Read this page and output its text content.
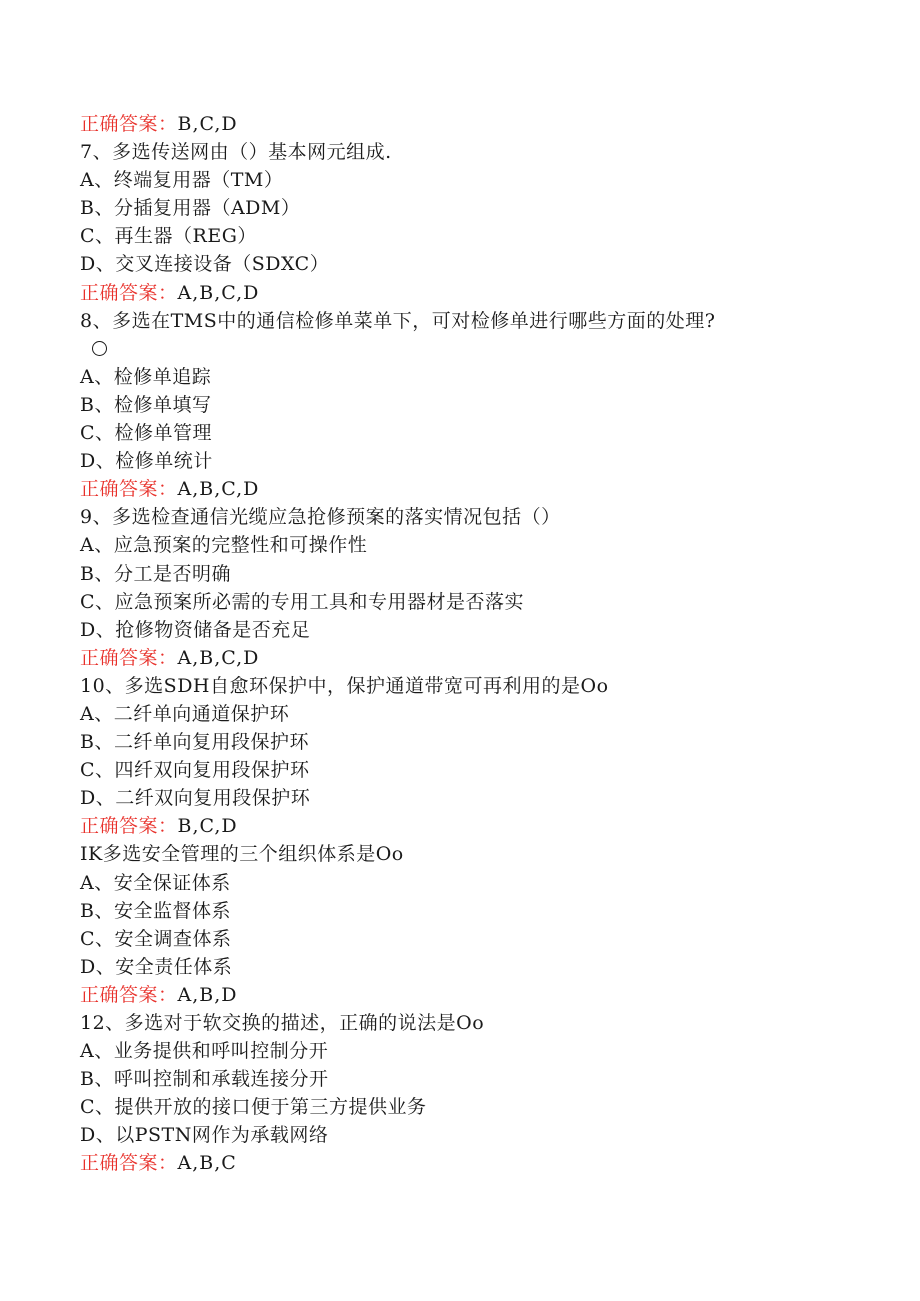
正确答案：B,C,D
7、多选传送网由（）基本网元组成.
A、终端复用器（TM）
B、分插复用器（ADM）
C、再生器（REG）
D、交叉连接设备（SDXC）
正确答案：A,B,C,D
8、多选在TMS中的通信检修单菜单下，可对检修单进行哪些方面的处理?
A、检修单追踪
B、检修单填写
C、检修单管理
D、检修单统计
正确答案：A,B,C,D
9、多选检查通信光缆应急抢修预案的落实情况包括（）
A、应急预案的完整性和可操作性
B、分工是否明确
C、应急预案所必需的专用工具和专用器材是否落实
D、抢修物资储备是否充足
正确答案：A,B,C,D
10、多选SDH自愈环保护中，保护通道带宽可再利用的是Oo
A、二纤单向通道保护环
B、二纤单向复用段保护环
C、四纤双向复用段保护环
D、二纤双向复用段保护环
正确答案：B,C,D
IK多选安全管理的三个组织体系是Oo
A、安全保证体系
B、安全监督体系
C、安全调查体系
D、安全责任体系
正确答案：A,B,D
12、多选对于软交换的描述，正确的说法是Oo
A、业务提供和呼叫控制分开
B、呼叫控制和承载连接分开
C、提供开放的接口便于第三方提供业务
D、以PSTN网作为承载网络
正确答案：A,B,C
